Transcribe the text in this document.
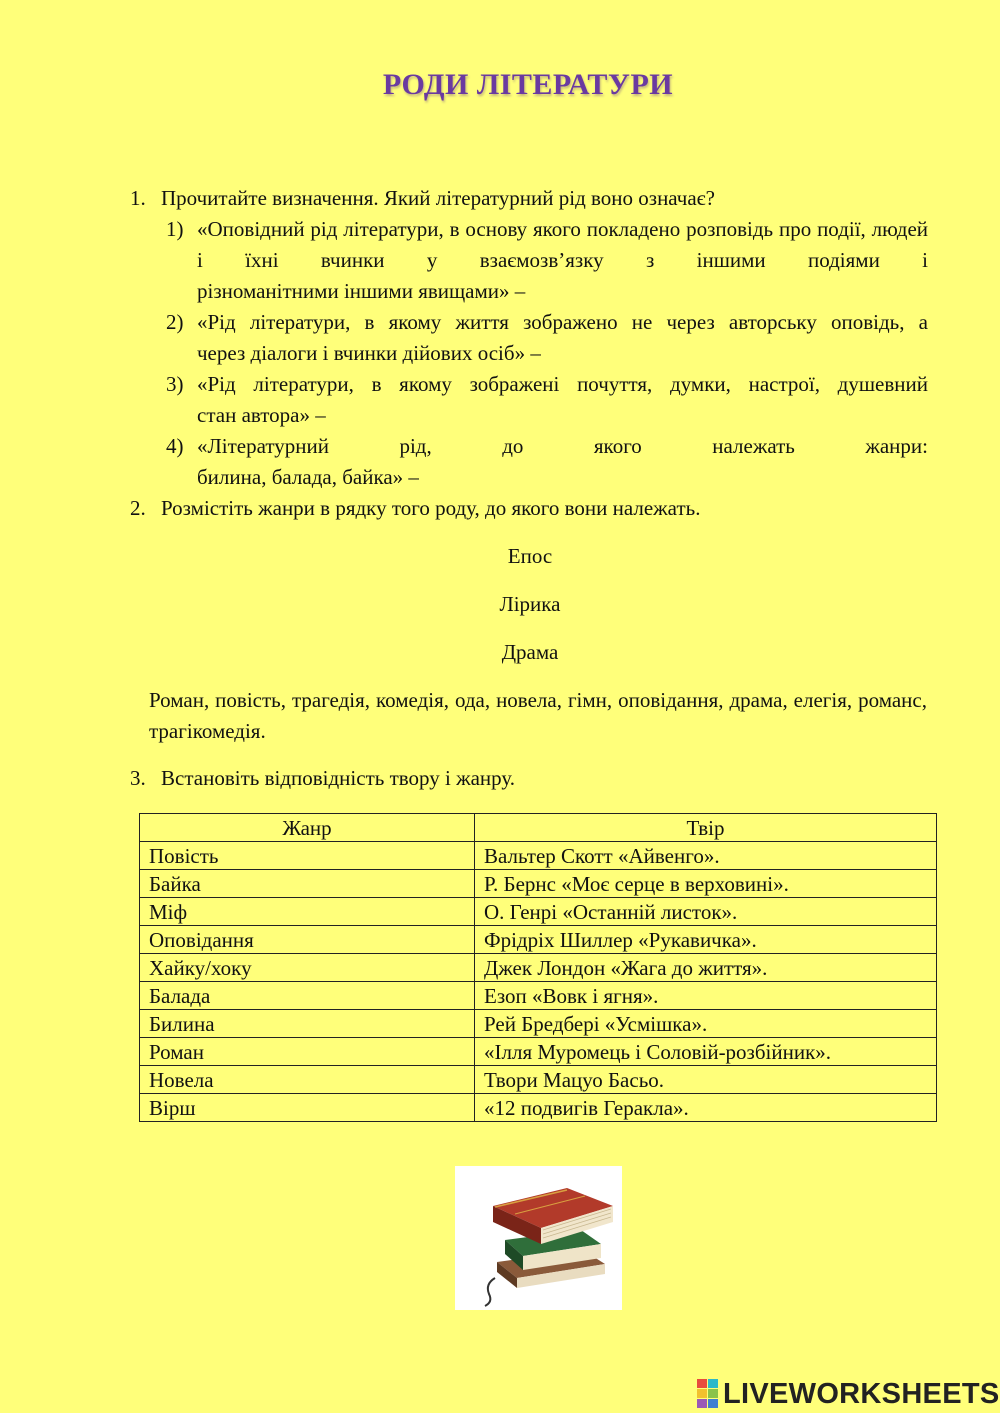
РОДИ ЛІТЕРАТУРИ
1. Прочитайте визначення. Який літературний рід воно означає?
1) «Оповідний рід літератури, в основу якого покладено розповідь про події, людей і їхні вчинки у взаємозв’язку з іншими подіями і
різноманітними іншими явищами» –
2) «Рід літератури, в якому життя зображено не через авторську оповідь, а
через діалоги і вчинки дійових осіб» –
3) «Рід літератури, в якому зображені почуття, думки, настрої, душевний
стан автора» –
4) «Літературний рід, до якого належать жанри:
билина, балада, байка» –
2. Розмістіть жанри в рядку того роду, до якого вони належать.
Епос
Лірика
Драма
Роман, повість, трагедія, комедія, ода, новела, гімн, оповідання, драма, елегія, романс, трагікомедія.
3. Встановіть відповідність твору і жанру.
Жанр	Твір
Повість	Вальтер Скотт «Айвенго».
Байка	Р. Бернс «Моє серце в верховині».
Міф	О. Генрі «Останній листок».
Оповідання	Фрідріх Шиллер «Рукавичка».
Хайку/хоку	Джек Лондон «Жага до життя».
Балада	Езоп «Вовк і ягня».
Билина	Рей Бредбері «Усмішка».
Роман	«Ілля Муромець і Соловій-розбійник».
Новела	Твори Мацуо Басьо.
Вірш	«12 подвигів Геракла».
LIVEWORKSHEETS
